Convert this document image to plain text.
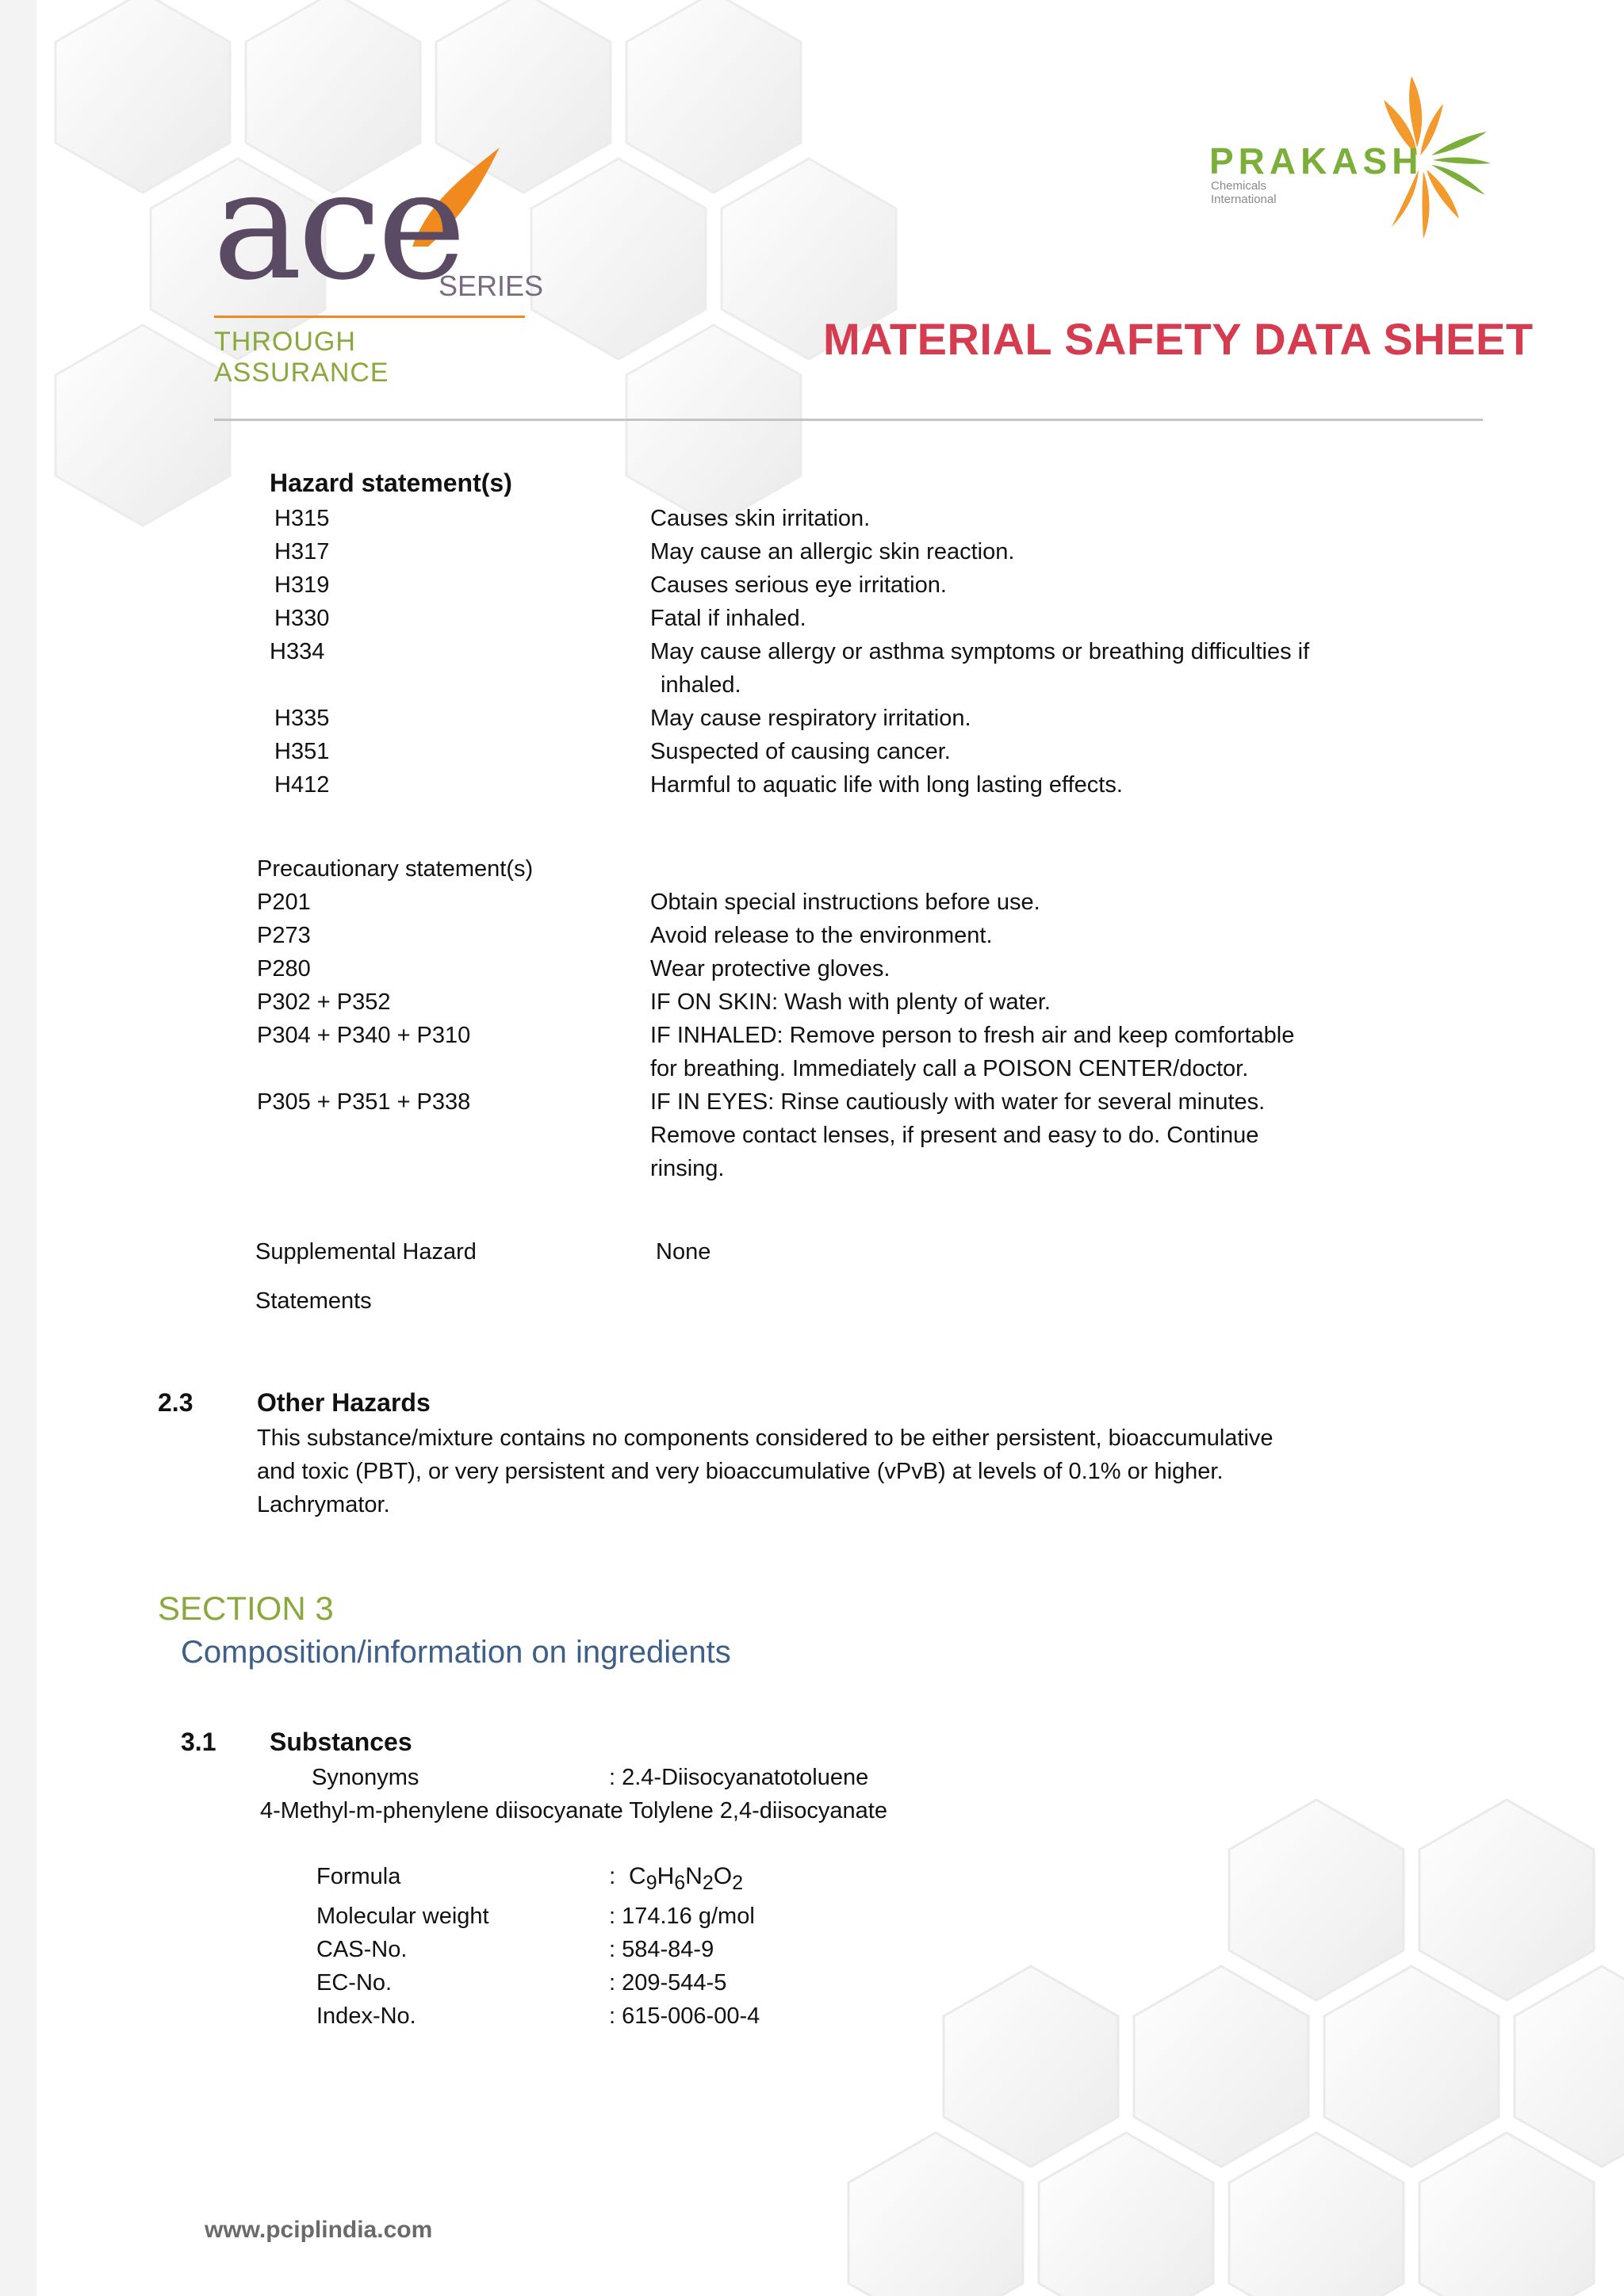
ace
SERIES
THROUGH ASSURANCE
PRAKASH
Chemicals International
MATERIAL SAFETY DATA SHEET
Hazard statement(s)
H315	Causes skin irritation.
H317	May cause an allergic skin reaction.
H319	Causes serious eye irritation.
H330	Fatal if inhaled.
H334	May cause allergy or asthma symptoms or breathing difficulties if
inhaled.
H335	May cause respiratory irritation.
H351	Suspected of causing cancer.
H412	Harmful to aquatic life with long lasting effects.
Precautionary statement(s)
P201	Obtain special instructions before use.
P273	Avoid release to the environment.
P280	Wear protective gloves.
P302 + P352	IF ON SKIN: Wash with plenty of water.
P304 + P340 + P310	IF INHALED: Remove person to fresh air and keep comfortable
for breathing. Immediately call a POISON CENTER/doctor.
P305 + P351 + P338	IF IN EYES: Rinse cautiously with water for several minutes.
Remove contact lenses, if present and easy to do. Continue
rinsing.
Supplemental Hazard	None
Statements
2.3	Other Hazards
This substance/mixture contains no components considered to be either persistent, bioaccumulative
and toxic (PBT), or very persistent and very bioaccumulative (vPvB) at levels of 0.1% or higher.
Lachrymator.
SECTION 3
Composition/information on ingredients
3.1 Substances
Synonyms	: 2.4-Diisocyanatotoluene
4-Methyl-m-phenylene diisocyanate Tolylene 2,4-diisocyanate
Formula	: $C_9H_6N_2O_2$
Molecular weight	: 174.16 g/mol
CAS-No.	: 584-84-9
EC-No.	: 209-544-5
Index-No.	: 615-006-00-4
www.pciplindia.com
